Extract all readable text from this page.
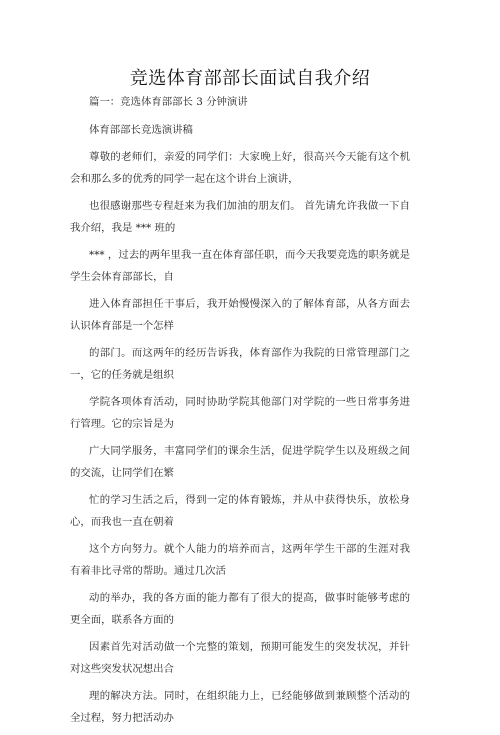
竞选体育部部长面试自我介绍

篇一：竞选体育部部长 3 分钟演讲

体育部部长竞选演讲稿

尊敬的老师们，亲爱的同学们：大家晚上好，很高兴今天能有这个机会和那么多的优秀的同学一起在这个讲台上演讲，

也很感谢那些专程赶来为我们加油的朋友们。 首先请允许我做一下自我介绍，我是 *** 班的

*** ，过去的两年里我一直在体育部任职，而今天我要竞选的职务就是学生会体育部部长，自

进入体育部担任干事后，我开始慢慢深入的了解体育部，从各方面去认识体育部是一个怎样

的部门。而这两年的经历告诉我，体育部作为我院的日常管理部门之一，它的任务就是组织

学院各项体育活动，同时协助学院其他部门对学院的一些日常事务进行管理。它的宗旨是为

广大同学服务，丰富同学们的课余生活，促进学院学生以及班级之间的交流，让同学们在繁

忙的学习生活之后，得到一定的体育锻炼，并从中获得快乐，放松身心，而我也一直在朝着

这个方向努力。就个人能力的培养而言，这两年学生干部的生涯对我有着非比寻常的帮助。通过几次活

动的举办，我的各方面的能力都有了很大的提高，做事时能够考虑的更全面，联系各方面的

因素首先对活动做一个完整的策划，预期可能发生的突发状况，并针对这些突发状况想出合

理的解决方法。同时，在组织能力上，已经能够做到兼顾整个活动的全过程，努力把活动办
